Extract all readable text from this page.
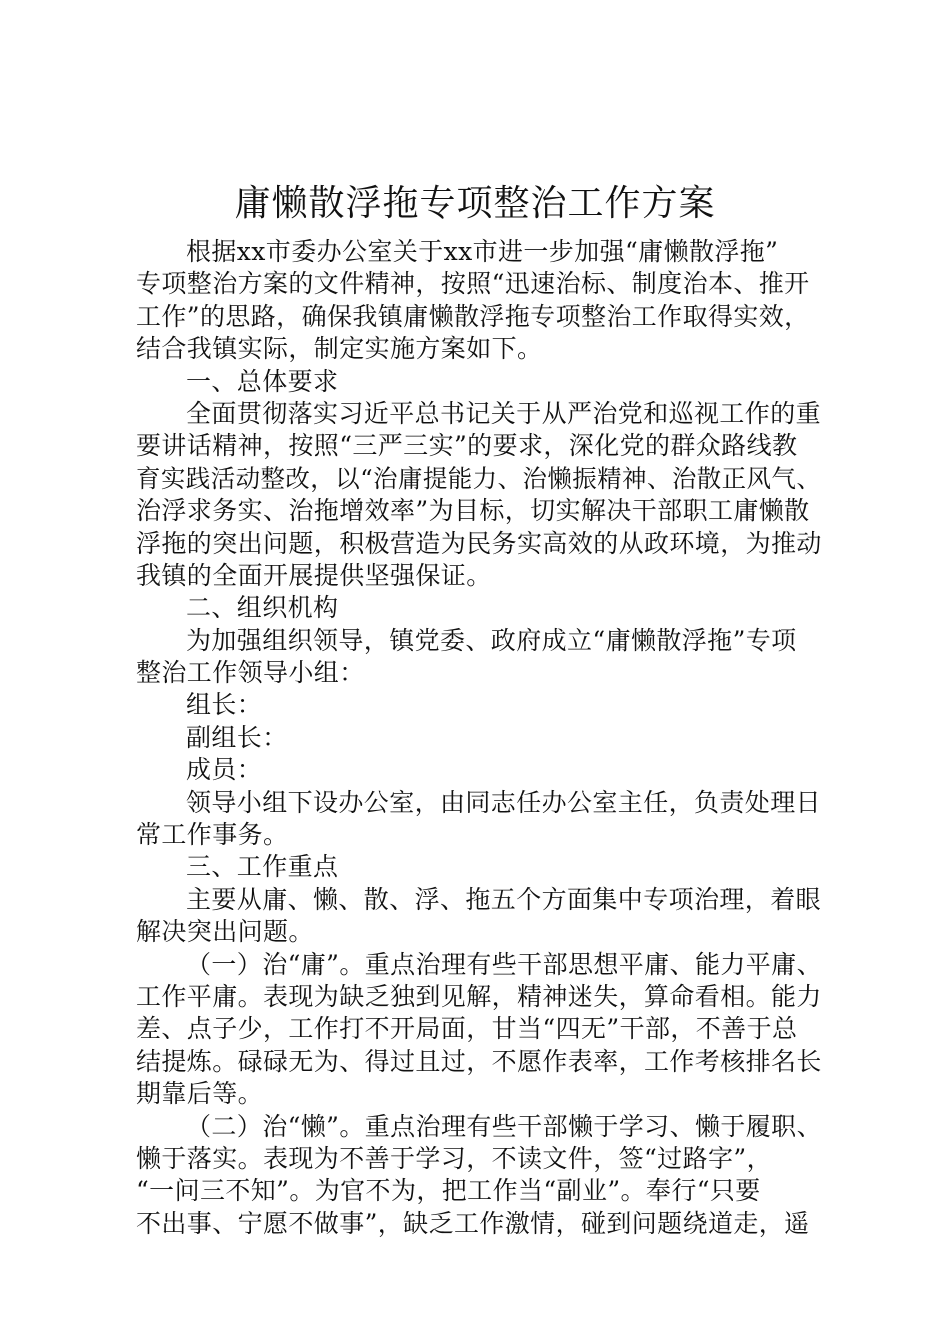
庸懒散浮拖专项整治工作方案
根据xx市委办公室关于xx市进一步加强“庸懒散浮拖”
专项整治方案的文件精神，按照“迅速治标、制度治本、推开
工作”的思路，确保我镇庸懒散浮拖专项整治工作取得实效，
结合我镇实际，制定实施方案如下。
一、总体要求
全面贯彻落实习近平总书记关于从严治党和巡视工作的重
要讲话精神，按照“三严三实”的要求，深化党的群众路线教
育实践活动整改，以“治庸提能力、治懒振精神、治散正风气、
治浮求务实、治拖增效率”为目标，切实解决干部职工庸懒散
浮拖的突出问题，积极营造为民务实高效的从政环境，为推动
我镇的全面开展提供坚强保证。
二、组织机构
为加强组织领导，镇党委、政府成立“庸懒散浮拖”专项
整治工作领导小组：
组长：
副组长：
成员：
领导小组下设办公室，由同志任办公室主任，负责处理日
常工作事务。
三、工作重点
主要从庸、懒、散、浮、拖五个方面集中专项治理，着眼
解决突出问题。
（一）治“庸”。重点治理有些干部思想平庸、能力平庸、
工作平庸。表现为缺乏独到见解，精神迷失，算命看相。能力
差、点子少，工作打不开局面，甘当“四无”干部，不善于总
结提炼。碌碌无为、得过且过，不愿作表率，工作考核排名长
期靠后等。
（二）治“懒”。重点治理有些干部懒于学习、懒于履职、
懒于落实。表现为不善于学习，不读文件，签“过路字”，
“一问三不知”。为官不为，把工作当“副业”。奉行“只要
不出事、宁愿不做事”，缺乏工作激情，碰到问题绕道走，遥
